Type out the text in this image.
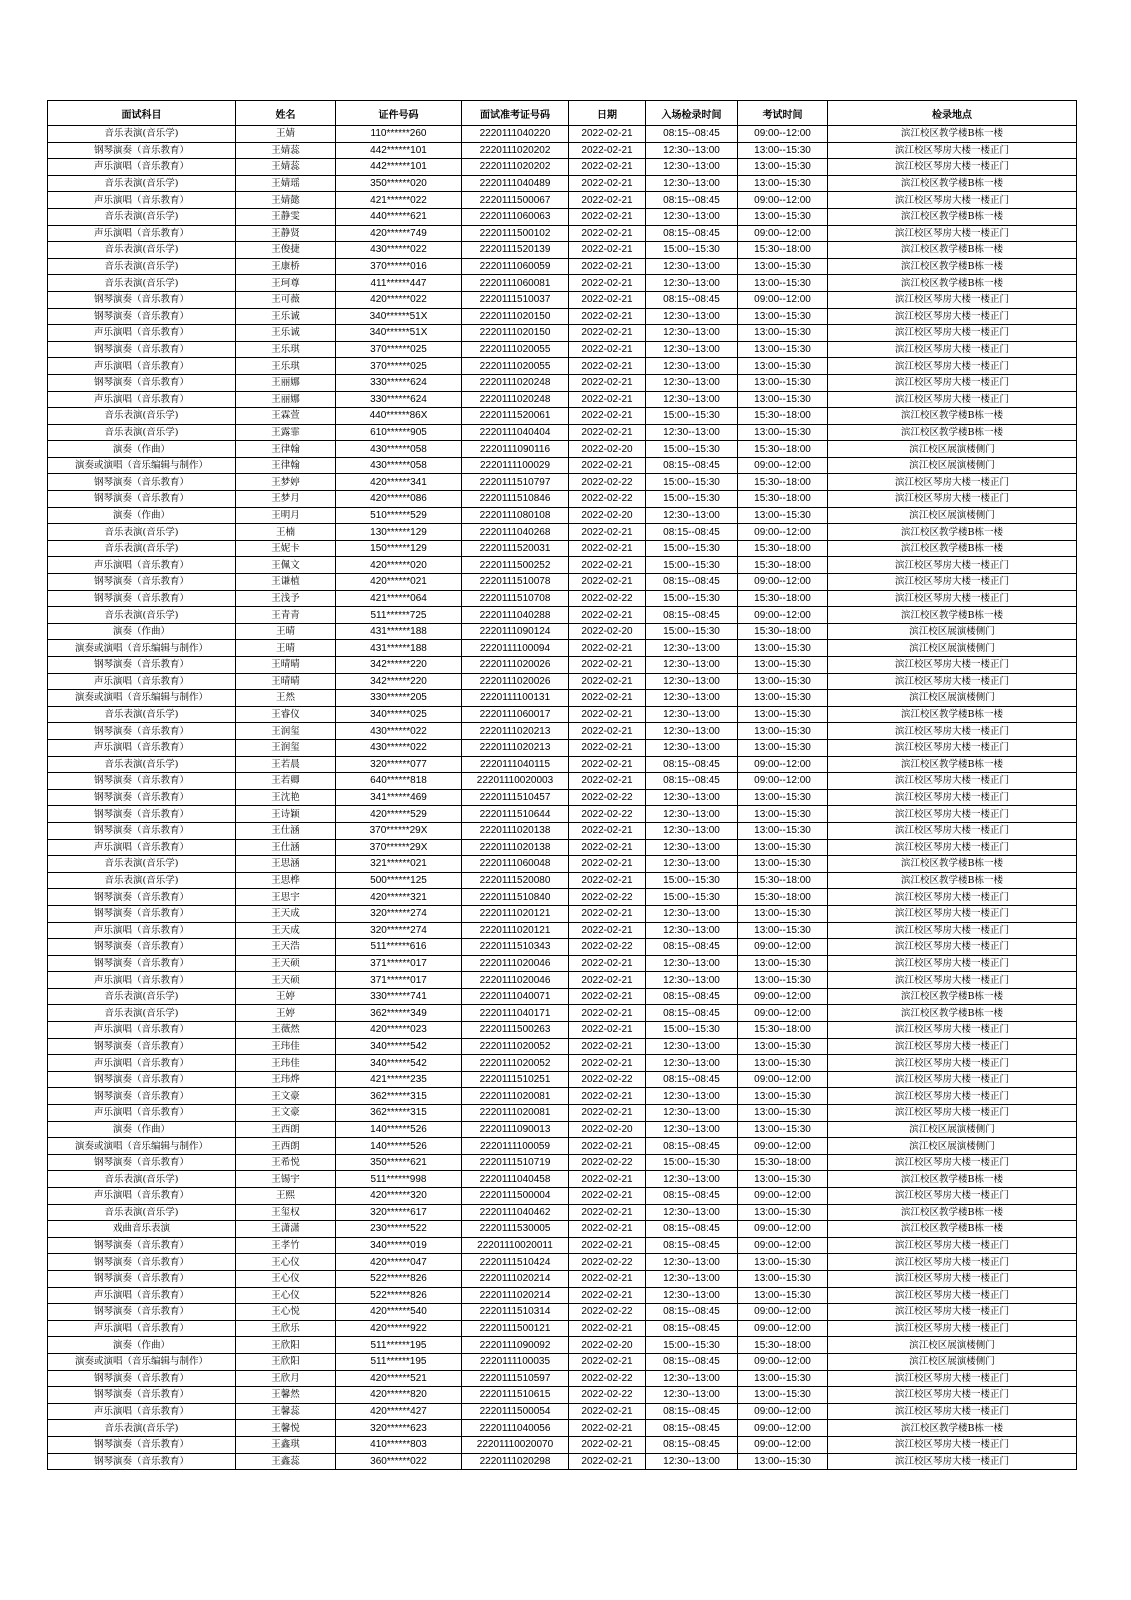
面试科目	姓名	证件号码	面试准考证号码	日期	入场检录时间	考试时间	检录地点
音乐表演(音乐学)	王婧	110******260	2220111040220	2022-02-21	08:15--08:45	09:00--12:00	滨江校区教学楼B栋一楼
钢琴演奏（音乐教育）	王婧蕊	442******101	2220111020202	2022-02-21	12:30--13:00	13:00--15:30	滨江校区琴房大楼一楼正门
声乐演唱（音乐教育）	王婧蕊	442******101	2220111020202	2022-02-21	12:30--13:00	13:00--15:30	滨江校区琴房大楼一楼正门
音乐表演(音乐学)	王婧瑶	350******020	2220111040489	2022-02-21	12:30--13:00	13:00--15:30	滨江校区教学楼B栋一楼
声乐演唱（音乐教育）	王婧懿	421******022	2220111500067	2022-02-21	08:15--08:45	09:00--12:00	滨江校区琴房大楼一楼正门
音乐表演(音乐学)	王静雯	440******621	2220111060063	2022-02-21	12:30--13:00	13:00--15:30	滨江校区教学楼B栋一楼
声乐演唱（音乐教育）	王静贤	420******749	2220111500102	2022-02-21	08:15--08:45	09:00--12:00	滨江校区琴房大楼一楼正门
音乐表演(音乐学)	王俊捷	430******022	2220111520139	2022-02-21	15:00--15:30	15:30--18:00	滨江校区教学楼B栋一楼
音乐表演(音乐学)	王康桥	370******016	2220111060059	2022-02-21	12:30--13:00	13:00--15:30	滨江校区教学楼B栋一楼
音乐表演(音乐学)	王珂尊	411******447	2220111060081	2022-02-21	12:30--13:00	13:00--15:30	滨江校区教学楼B栋一楼
钢琴演奏（音乐教育）	王可薇	420******022	2220111510037	2022-02-21	08:15--08:45	09:00--12:00	滨江校区琴房大楼一楼正门
钢琴演奏（音乐教育）	王乐诚	340******51X	2220111020150	2022-02-21	12:30--13:00	13:00--15:30	滨江校区琴房大楼一楼正门
声乐演唱（音乐教育）	王乐诚	340******51X	2220111020150	2022-02-21	12:30--13:00	13:00--15:30	滨江校区琴房大楼一楼正门
钢琴演奏（音乐教育）	王乐琪	370******025	2220111020055	2022-02-21	12:30--13:00	13:00--15:30	滨江校区琴房大楼一楼正门
声乐演唱（音乐教育）	王乐琪	370******025	2220111020055	2022-02-21	12:30--13:00	13:00--15:30	滨江校区琴房大楼一楼正门
钢琴演奏（音乐教育）	王丽娜	330******624	2220111020248	2022-02-21	12:30--13:00	13:00--15:30	滨江校区琴房大楼一楼正门
声乐演唱（音乐教育）	王丽娜	330******624	2220111020248	2022-02-21	12:30--13:00	13:00--15:30	滨江校区琴房大楼一楼正门
音乐表演(音乐学)	王霖萱	440******86X	2220111520061	2022-02-21	15:00--15:30	15:30--18:00	滨江校区教学楼B栋一楼
音乐表演(音乐学)	王露霏	610******905	2220111040404	2022-02-21	12:30--13:00	13:00--15:30	滨江校区教学楼B栋一楼
演奏（作曲）	王律翰	430******058	2220111090116	2022-02-20	15:00--15:30	15:30--18:00	滨江校区展演楼侧门
演奏或演唱（音乐编辑与制作）	王律翰	430******058	2220111100029	2022-02-21	08:15--08:45	09:00--12:00	滨江校区展演楼侧门
钢琴演奏（音乐教育）	王梦婷	420******341	2220111510797	2022-02-22	15:00--15:30	15:30--18:00	滨江校区琴房大楼一楼正门
钢琴演奏（音乐教育）	王梦月	420******086	2220111510846	2022-02-22	15:00--15:30	15:30--18:00	滨江校区琴房大楼一楼正门
演奏（作曲）	王明月	510******529	2220111080108	2022-02-20	12:30--13:00	13:00--15:30	滨江校区展演楼侧门
音乐表演(音乐学)	王楠	130******129	2220111040268	2022-02-21	08:15--08:45	09:00--12:00	滨江校区教学楼B栋一楼
音乐表演(音乐学)	王妮卡	150******129	2220111520031	2022-02-21	15:00--15:30	15:30--18:00	滨江校区教学楼B栋一楼
声乐演唱（音乐教育）	王佩文	420******020	2220111500252	2022-02-21	15:00--15:30	15:30--18:00	滨江校区琴房大楼一楼正门
钢琴演奏（音乐教育）	王谦植	420******021	2220111510078	2022-02-21	08:15--08:45	09:00--12:00	滨江校区琴房大楼一楼正门
钢琴演奏（音乐教育）	王浅予	421******064	2220111510708	2022-02-22	15:00--15:30	15:30--18:00	滨江校区琴房大楼一楼正门
音乐表演(音乐学)	王青青	511******725	2220111040288	2022-02-21	08:15--08:45	09:00--12:00	滨江校区教学楼B栋一楼
演奏（作曲）	王晴	431******188	2220111090124	2022-02-20	15:00--15:30	15:30--18:00	滨江校区展演楼侧门
演奏或演唱（音乐编辑与制作）	王晴	431******188	2220111100094	2022-02-21	12:30--13:00	13:00--15:30	滨江校区展演楼侧门
钢琴演奏（音乐教育）	王晴晴	342******220	2220111020026	2022-02-21	12:30--13:00	13:00--15:30	滨江校区琴房大楼一楼正门
声乐演唱（音乐教育）	王晴晴	342******220	2220111020026	2022-02-21	12:30--13:00	13:00--15:30	滨江校区琴房大楼一楼正门
演奏或演唱（音乐编辑与制作）	王然	330******205	2220111100131	2022-02-21	12:30--13:00	13:00--15:30	滨江校区展演楼侧门
音乐表演(音乐学)	王睿仪	340******025	2220111060017	2022-02-21	12:30--13:00	13:00--15:30	滨江校区教学楼B栋一楼
钢琴演奏（音乐教育）	王润玺	430******022	2220111020213	2022-02-21	12:30--13:00	13:00--15:30	滨江校区琴房大楼一楼正门
声乐演唱（音乐教育）	王润玺	430******022	2220111020213	2022-02-21	12:30--13:00	13:00--15:30	滨江校区琴房大楼一楼正门
音乐表演(音乐学)	王若晨	320******077	2220111040115	2022-02-21	08:15--08:45	09:00--12:00	滨江校区教学楼B栋一楼
钢琴演奏（音乐教育）	王若卿	640******818	22201110020003	2022-02-21	08:15--08:45	09:00--12:00	滨江校区琴房大楼一楼正门
钢琴演奏（音乐教育）	王沈艳	341******469	2220111510457	2022-02-22	12:30--13:00	13:00--15:30	滨江校区琴房大楼一楼正门
钢琴演奏（音乐教育）	王诗颖	420******529	2220111510644	2022-02-22	12:30--13:00	13:00--15:30	滨江校区琴房大楼一楼正门
钢琴演奏（音乐教育）	王仕涵	370******29X	2220111020138	2022-02-21	12:30--13:00	13:00--15:30	滨江校区琴房大楼一楼正门
声乐演唱（音乐教育）	王仕涵	370******29X	2220111020138	2022-02-21	12:30--13:00	13:00--15:30	滨江校区琴房大楼一楼正门
音乐表演(音乐学)	王思涵	321******021	2220111060048	2022-02-21	12:30--13:00	13:00--15:30	滨江校区教学楼B栋一楼
音乐表演(音乐学)	王思桦	500******125	2220111520080	2022-02-21	15:00--15:30	15:30--18:00	滨江校区教学楼B栋一楼
钢琴演奏（音乐教育）	王思宇	420******321	2220111510840	2022-02-22	15:00--15:30	15:30--18:00	滨江校区琴房大楼一楼正门
钢琴演奏（音乐教育）	王天成	320******274	2220111020121	2022-02-21	12:30--13:00	13:00--15:30	滨江校区琴房大楼一楼正门
声乐演唱（音乐教育）	王天成	320******274	2220111020121	2022-02-21	12:30--13:00	13:00--15:30	滨江校区琴房大楼一楼正门
钢琴演奏（音乐教育）	王天浩	511******616	2220111510343	2022-02-22	08:15--08:45	09:00--12:00	滨江校区琴房大楼一楼正门
钢琴演奏（音乐教育）	王天硕	371******017	2220111020046	2022-02-21	12:30--13:00	13:00--15:30	滨江校区琴房大楼一楼正门
声乐演唱（音乐教育）	王天硕	371******017	2220111020046	2022-02-21	12:30--13:00	13:00--15:30	滨江校区琴房大楼一楼正门
音乐表演(音乐学)	王婷	330******741	2220111040071	2022-02-21	08:15--08:45	09:00--12:00	滨江校区教学楼B栋一楼
音乐表演(音乐学)	王婷	362******349	2220111040171	2022-02-21	08:15--08:45	09:00--12:00	滨江校区教学楼B栋一楼
声乐演唱（音乐教育）	王薇然	420******023	2220111500263	2022-02-21	15:00--15:30	15:30--18:00	滨江校区琴房大楼一楼正门
钢琴演奏（音乐教育）	王玮佳	340******542	2220111020052	2022-02-21	12:30--13:00	13:00--15:30	滨江校区琴房大楼一楼正门
声乐演唱（音乐教育）	王玮佳	340******542	2220111020052	2022-02-21	12:30--13:00	13:00--15:30	滨江校区琴房大楼一楼正门
钢琴演奏（音乐教育）	王玮烨	421******235	2220111510251	2022-02-22	08:15--08:45	09:00--12:00	滨江校区琴房大楼一楼正门
钢琴演奏（音乐教育）	王文豪	362******315	2220111020081	2022-02-21	12:30--13:00	13:00--15:30	滨江校区琴房大楼一楼正门
声乐演唱（音乐教育）	王文豪	362******315	2220111020081	2022-02-21	12:30--13:00	13:00--15:30	滨江校区琴房大楼一楼正门
演奏（作曲）	王西朗	140******526	2220111090013	2022-02-20	12:30--13:00	13:00--15:30	滨江校区展演楼侧门
演奏或演唱（音乐编辑与制作）	王西朗	140******526	2220111100059	2022-02-21	08:15--08:45	09:00--12:00	滨江校区展演楼侧门
钢琴演奏（音乐教育）	王希悦	350******621	2220111510719	2022-02-22	15:00--15:30	15:30--18:00	滨江校区琴房大楼一楼正门
音乐表演(音乐学)	王锡宇	511******998	2220111040458	2022-02-21	12:30--13:00	13:00--15:30	滨江校区教学楼B栋一楼
声乐演唱（音乐教育）	王熙	420******320	2220111500004	2022-02-21	08:15--08:45	09:00--12:00	滨江校区琴房大楼一楼正门
音乐表演(音乐学)	王玺权	320******617	2220111040462	2022-02-21	12:30--13:00	13:00--15:30	滨江校区教学楼B栋一楼
戏曲音乐表演	王潇潇	230******522	2220111530005	2022-02-21	08:15--08:45	09:00--12:00	滨江校区教学楼B栋一楼
钢琴演奏（音乐教育）	王孝竹	340******019	22201110020011	2022-02-21	08:15--08:45	09:00--12:00	滨江校区琴房大楼一楼正门
钢琴演奏（音乐教育）	王心仪	420******047	2220111510424	2022-02-22	12:30--13:00	13:00--15:30	滨江校区琴房大楼一楼正门
钢琴演奏（音乐教育）	王心仪	522******826	2220111020214	2022-02-21	12:30--13:00	13:00--15:30	滨江校区琴房大楼一楼正门
声乐演唱（音乐教育）	王心仪	522******826	2220111020214	2022-02-21	12:30--13:00	13:00--15:30	滨江校区琴房大楼一楼正门
钢琴演奏（音乐教育）	王心悦	420******540	2220111510314	2022-02-22	08:15--08:45	09:00--12:00	滨江校区琴房大楼一楼正门
声乐演唱（音乐教育）	王欣乐	420******922	2220111500121	2022-02-21	08:15--08:45	09:00--12:00	滨江校区琴房大楼一楼正门
演奏（作曲）	王欣阳	511******195	2220111090092	2022-02-20	15:00--15:30	15:30--18:00	滨江校区展演楼侧门
演奏或演唱（音乐编辑与制作）	王欣阳	511******195	2220111100035	2022-02-21	08:15--08:45	09:00--12:00	滨江校区展演楼侧门
钢琴演奏（音乐教育）	王欣月	420******521	2220111510597	2022-02-22	12:30--13:00	13:00--15:30	滨江校区琴房大楼一楼正门
钢琴演奏（音乐教育）	王馨然	420******820	2220111510615	2022-02-22	12:30--13:00	13:00--15:30	滨江校区琴房大楼一楼正门
声乐演唱（音乐教育）	王馨蕊	420******427	2220111500054	2022-02-21	08:15--08:45	09:00--12:00	滨江校区琴房大楼一楼正门
音乐表演(音乐学)	王馨悦	320******623	2220111040056	2022-02-21	08:15--08:45	09:00--12:00	滨江校区教学楼B栋一楼
钢琴演奏（音乐教育）	王鑫琪	410******803	22201110020070	2022-02-21	08:15--08:45	09:00--12:00	滨江校区琴房大楼一楼正门
钢琴演奏（音乐教育）	王鑫蕊	360******022	2220111020298	2022-02-21	12:30--13:00	13:00--15:30	滨江校区琴房大楼一楼正门
